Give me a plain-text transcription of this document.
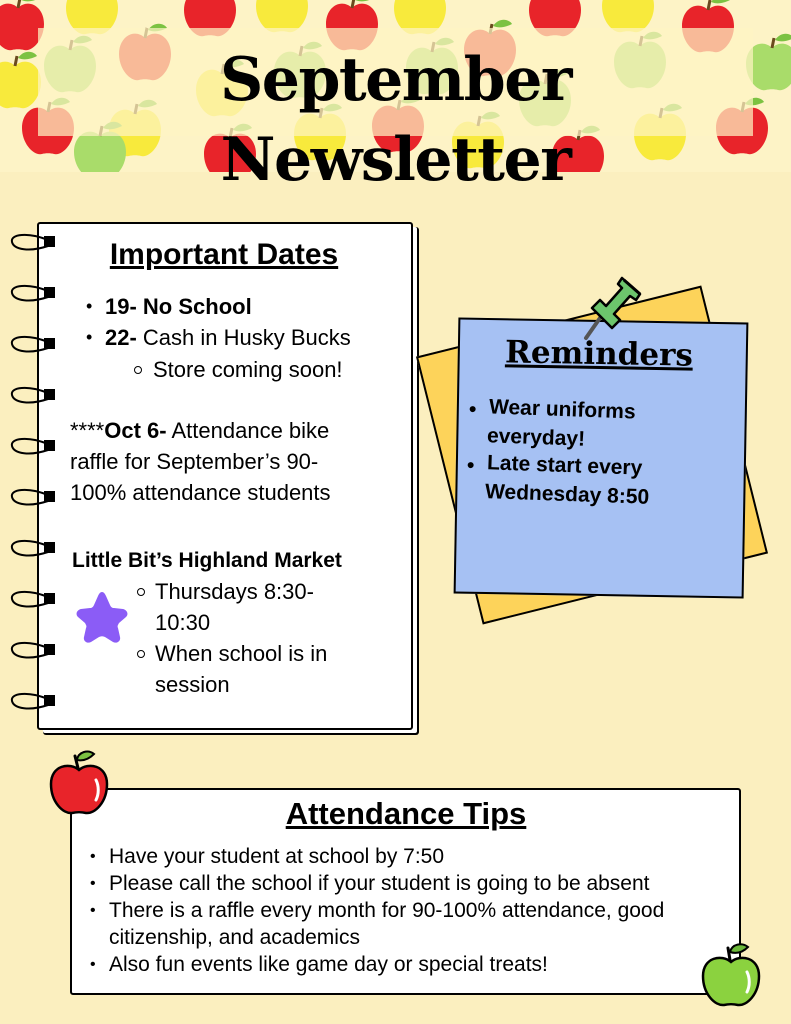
September Newsletter
Important Dates
• 19- No School
• 22- Cash in Husky Bucks
Store coming soon!
****Oct 6- Attendance bike
raffle for September’s 90-
100% attendance students
Little Bit’s Highland Market
Thursdays 8:30-
10:30
When school is in
session
Reminders
• Wear uniforms
everyday!
• Late start every
Wednesday 8:50
Attendance Tips
• Have your student at school by 7:50
• Please call the school if your student is going to be absent
• There is a raffle every month for 90-100% attendance, good
citizenship, and academics
• Also fun events like game day or special treats!
